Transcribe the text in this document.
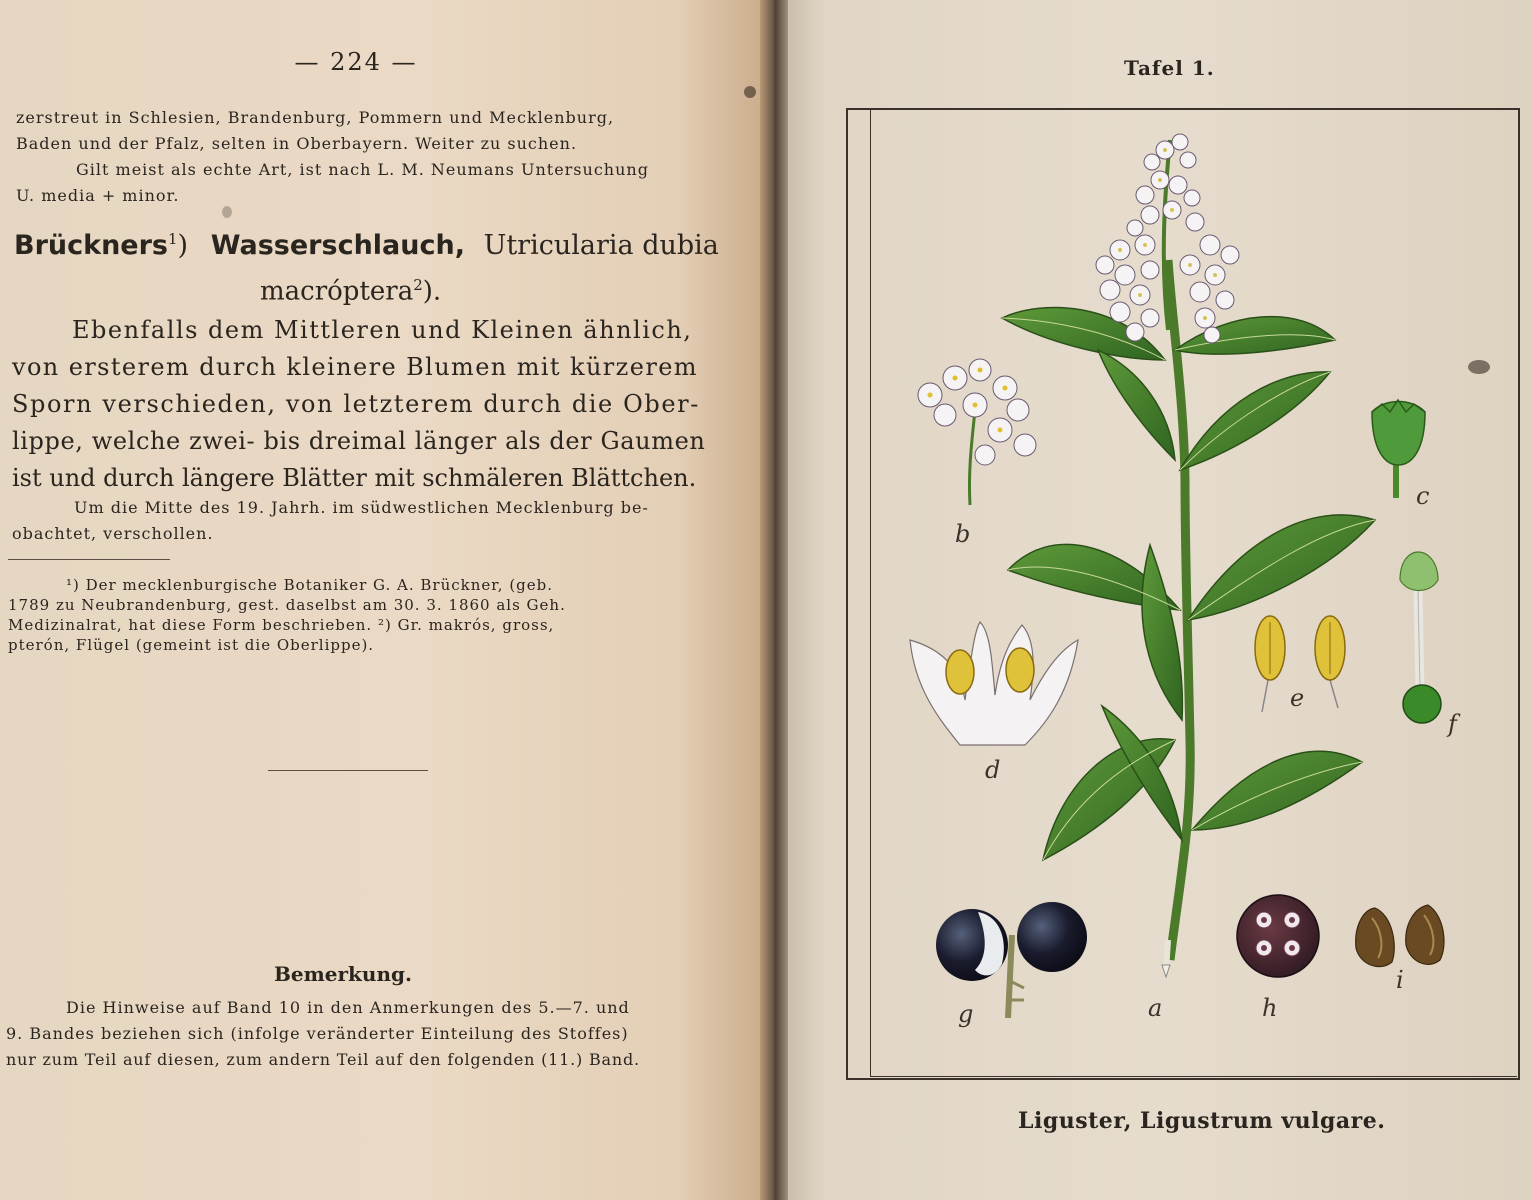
— 224 —
zerstreut in Schlesien, Brandenburg, Pommern und Mecklenburg,
Baden und der Pfalz, selten in Oberbayern. Weiter zu suchen.
Gilt meist als echte Art, ist nach L. M. Neumans Untersuchung
U. media + minor.
Brückners$^1$) Wasserschlauch, Utricularia dubia
macróptera$^2$).
Ebenfalls dem Mittleren und Kleinen ähnlich,
von ersterem durch kleinere Blumen mit kürzerem
Sporn verschieden, von letzterem durch die Ober-
lippe, welche zwei- bis dreimal länger als der Gaumen
ist und durch längere Blätter mit schmäleren Blättchen.
Um die Mitte des 19. Jahrh. im südwestlichen Mecklenburg be-
obachtet, verschollen.
¹) Der mecklenburgische Botaniker G. A. Brückner, (geb.
1789 zu Neubrandenburg, gest. daselbst am 30. 3. 1860 als Geh.
Medizinalrat, hat diese Form beschrieben. ²) Gr. makrós, gross,
pterón, Flügel (gemeint ist die Oberlippe).
Bemerkung.
Die Hinweise auf Band 10 in den Anmerkungen des 5.—7. und
9. Bandes beziehen sich (infolge veränderter Einteilung des Stoffes)
nur zum Teil auf diesen, zum andern Teil auf den folgenden (11.) Band.
Tafel 1.
a
b
c
d
e
f
g	h
i
Liguster, Ligustrum vulgare.
